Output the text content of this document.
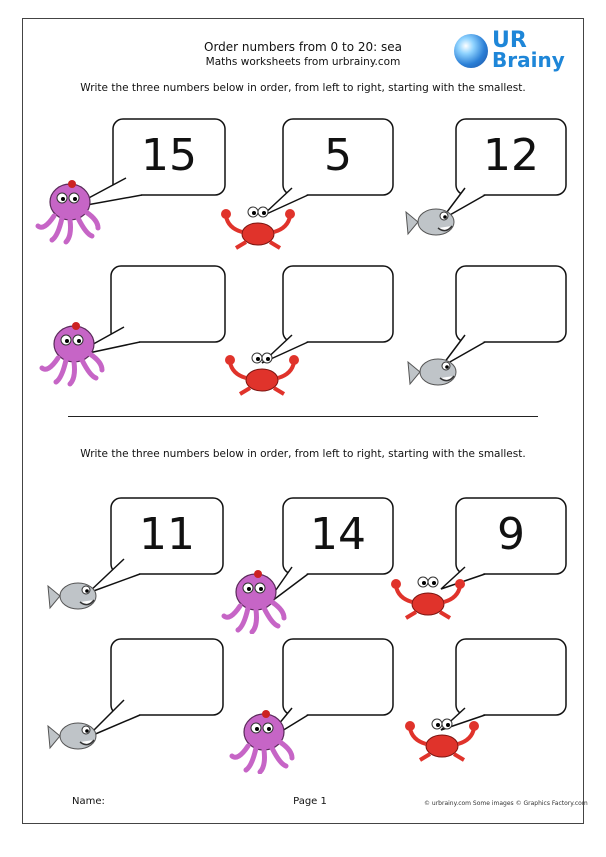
Order numbers from 0 to 20: sea
Maths worksheets from urbrainy.com
UR
Brainy
Write the three numbers below in order, from left to right, starting with the smallest.
15	5	12
Write the three numbers below in order, from left to right, starting with the smallest.
11	14	9
Name:	Page 1	© urbrainy.com Some images © Graphics Factory.com
